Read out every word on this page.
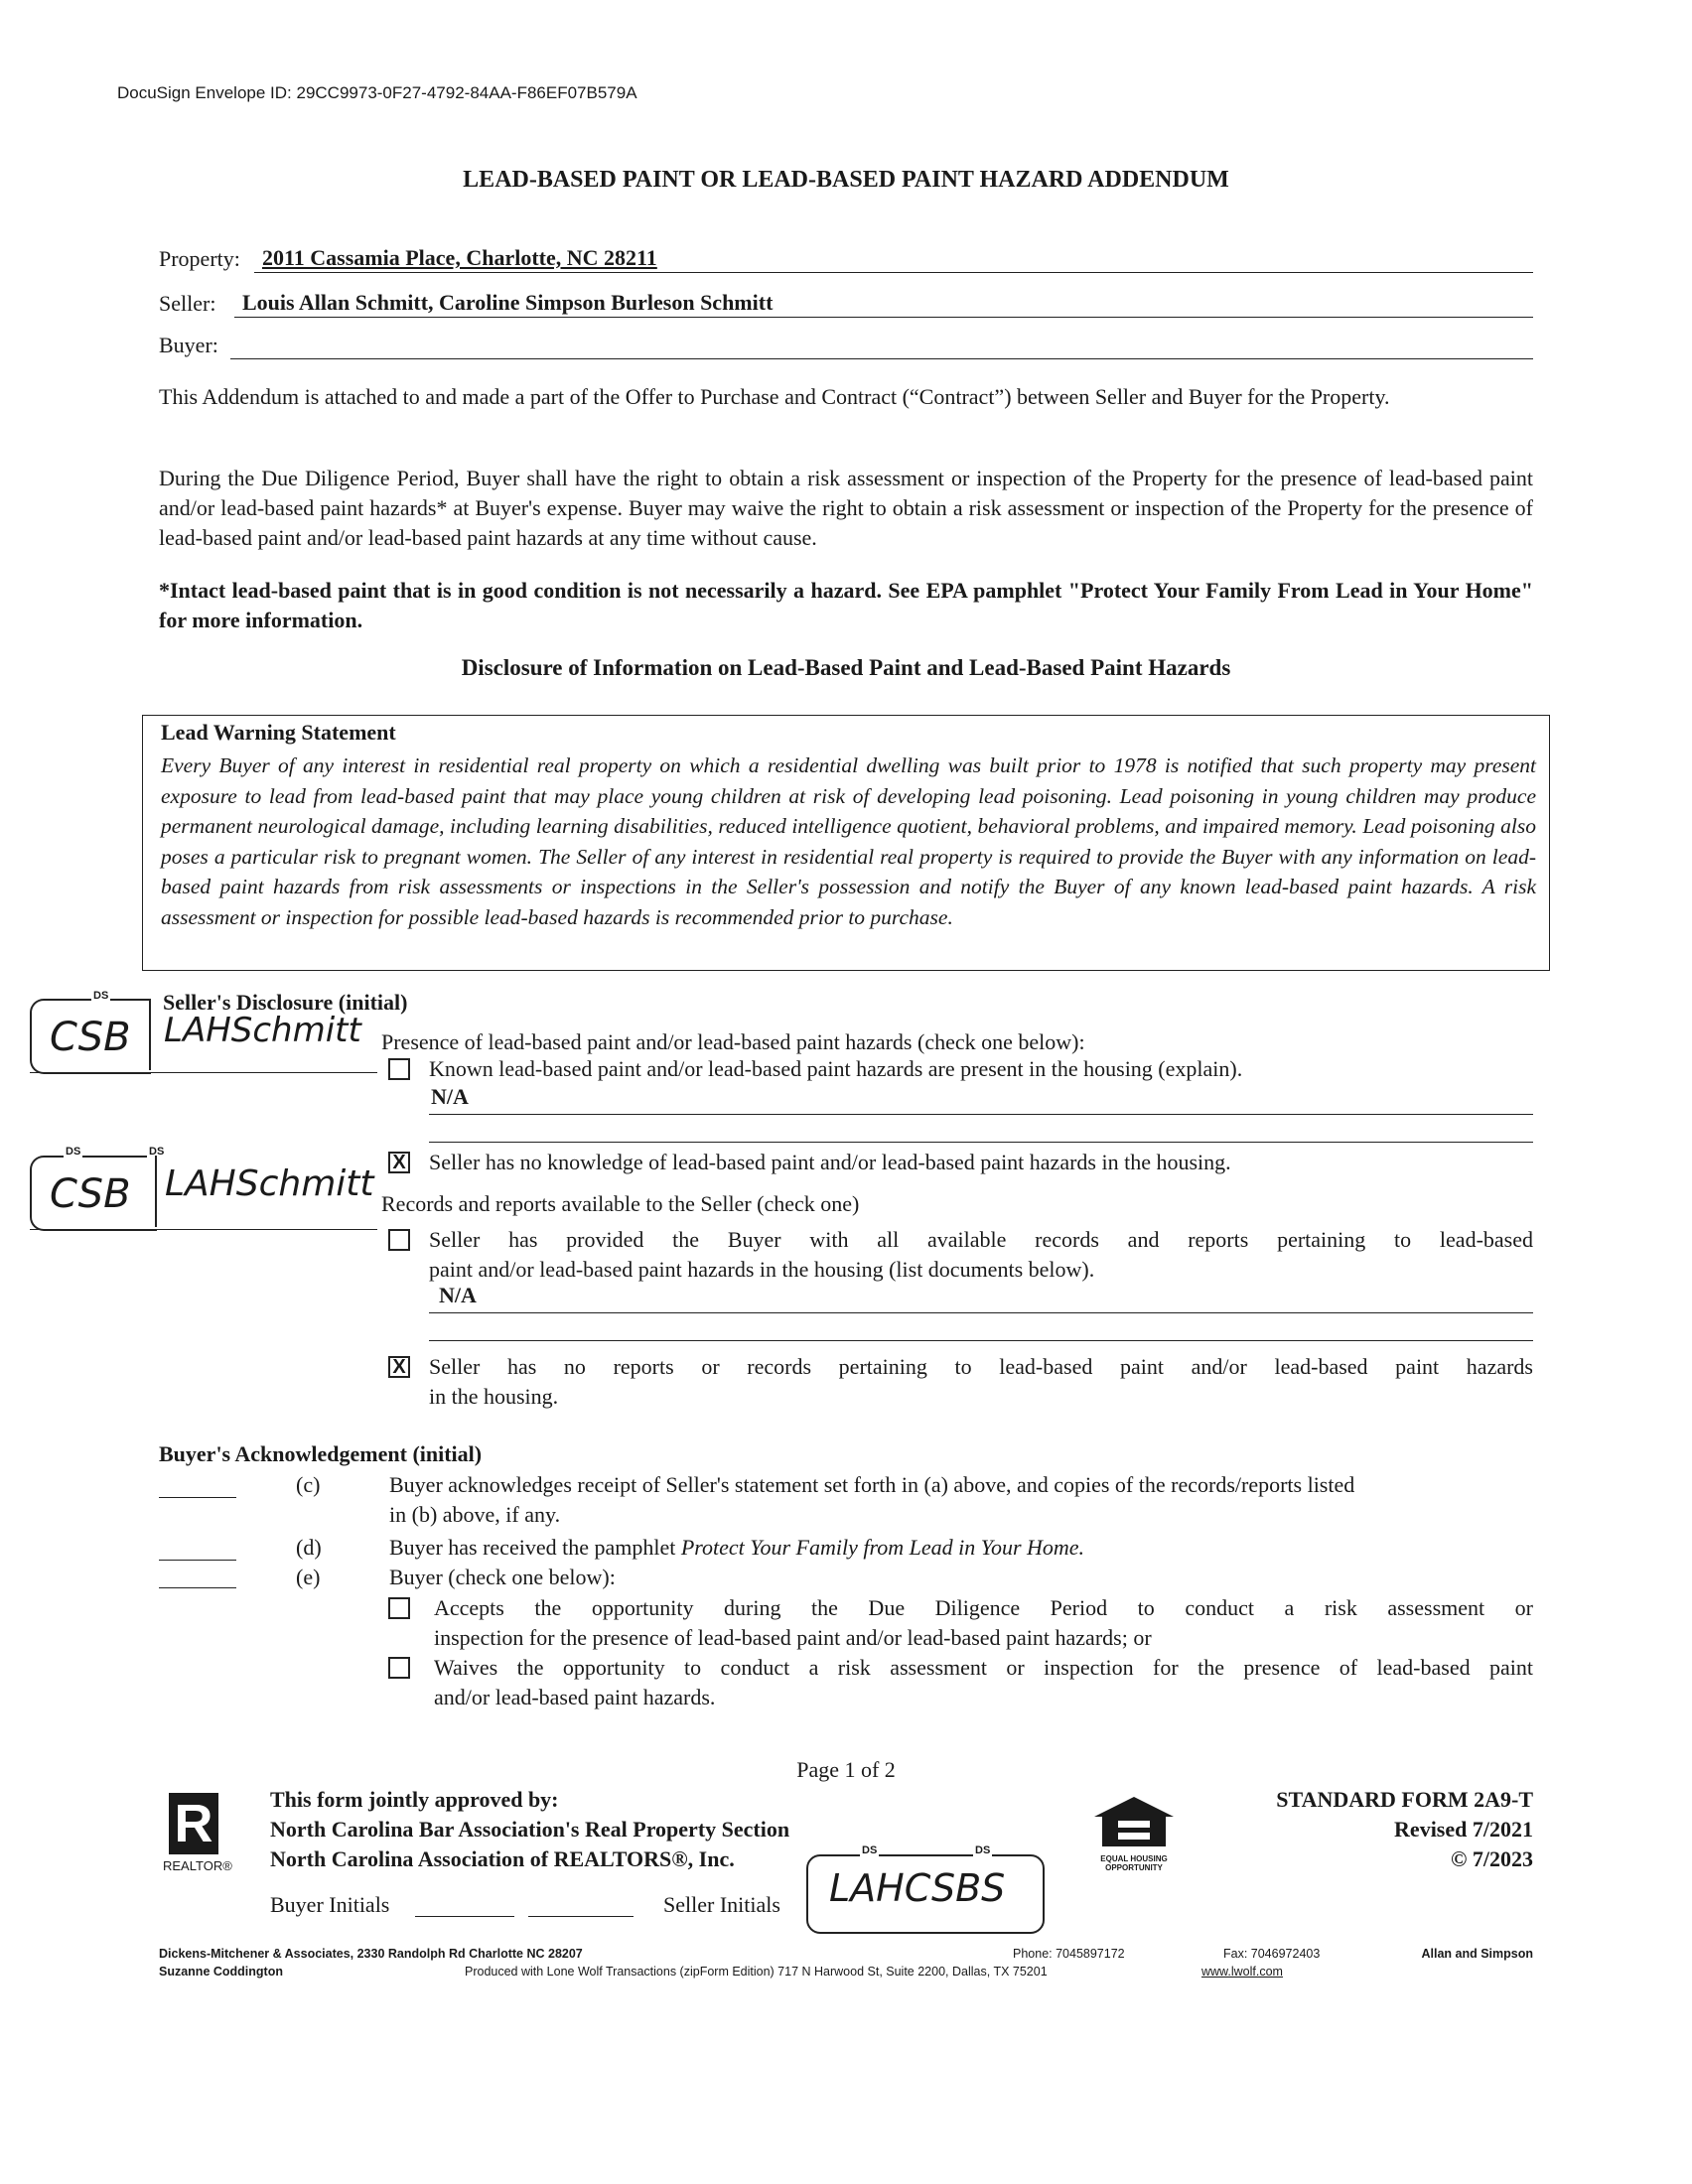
DocuSign Envelope ID: 29CC9973-0F27-4792-84AA-F86EF07B579A
LEAD-BASED PAINT OR LEAD-BASED PAINT HAZARD ADDENDUM
Property:	2011 Cassamia Place, Charlotte, NC 28211
Seller:	Louis Allan Schmitt, Caroline Simpson Burleson Schmitt
Buyer:
This Addendum is attached to and made a part of the Offer to Purchase and Contract (“Contract”) between Seller and Buyer for the Property.
During the Due Diligence Period, Buyer shall have the right to obtain a risk assessment or inspection of the Property for the presence of lead-based paint and/or lead-based paint hazards* at Buyer's expense. Buyer may waive the right to obtain a risk assessment or inspection of the Property for the presence of lead-based paint and/or lead-based paint hazards at any time without cause.
*Intact lead-based paint that is in good condition is not necessarily a hazard. See EPA pamphlet "Protect Your Family From Lead in Your Home" for more information.
Disclosure of Information on Lead-Based Paint and Lead-Based Paint Hazards
Lead Warning Statement
Every Buyer of any interest in residential real property on which a residential dwelling was built prior to 1978 is notified that such property may present exposure to lead from lead-based paint that may place young children at risk of developing lead poisoning. Lead poisoning in young children may produce permanent neurological damage, including learning disabilities, reduced intelligence quotient, behavioral problems, and impaired memory. Lead poisoning also poses a particular risk to pregnant women. The Seller of any interest in residential real property is required to provide the Buyer with any information on lead-based paint hazards from risk assessments or inspections in the Seller's possession and notify the Buyer of any known lead-based paint hazards. A risk assessment or inspection for possible lead-based hazards is recommended prior to purchase.
Seller's Disclosure (initial)
DS
CSB LAHSchmitt Presence of lead-based paint and/or lead-based paint hazards (check one below):
Known lead-based paint and/or lead-based paint hazards are present in the housing (explain).
N/A
X Seller has no knowledge of lead-based paint and/or lead-based paint hazards in the housing.
DS	DS
CSB LAHSchmitt Records and reports available to the Seller (check one)
Seller has provided the Buyer with all available records and reports pertaining to lead-based
paint and/or lead-based paint hazards in the housing (list documents below).
N/A
X Seller has no reports or records pertaining to lead-based paint and/or lead-based paint hazards
in the housing.
Buyer's Acknowledgement (initial)
(c)	Buyer acknowledges receipt of Seller's statement set forth in (a) above, and copies of the records/reports listed
in (b) above, if any.
(d)	Buyer has received the pamphlet Protect Your Family from Lead in Your Home.
(e)	Buyer (check one below):
Accepts the opportunity during the Due Diligence Period to conduct a risk assessment or
inspection for the presence of lead-based paint and/or lead-based paint hazards; or
Waives the opportunity to conduct a risk assessment or inspection for the presence of lead-based paint
and/or lead-based paint hazards.
Page 1 of 2
R
REALTOR®
This form jointly approved by:
North Carolina Bar Association's Real Property Section
North Carolina Association of REALTORS®, Inc.
Buyer Initials	Seller Initials
DS	DS
LAHCSBS
EQUAL HOUSING
OPPORTUNITY
STANDARD FORM 2A9-T
Revised 7/2021
© 7/2023
Dickens-Mitchener & Associates, 2330 Randolph Rd Charlotte NC 28207
Suzanne Coddington
Phone: 7045897172	Fax: 7046972403	Allan and Simpson
Produced with Lone Wolf Transactions (zipForm Edition) 717 N Harwood St, Suite 2200, Dallas, TX 75201	www.lwolf.com
